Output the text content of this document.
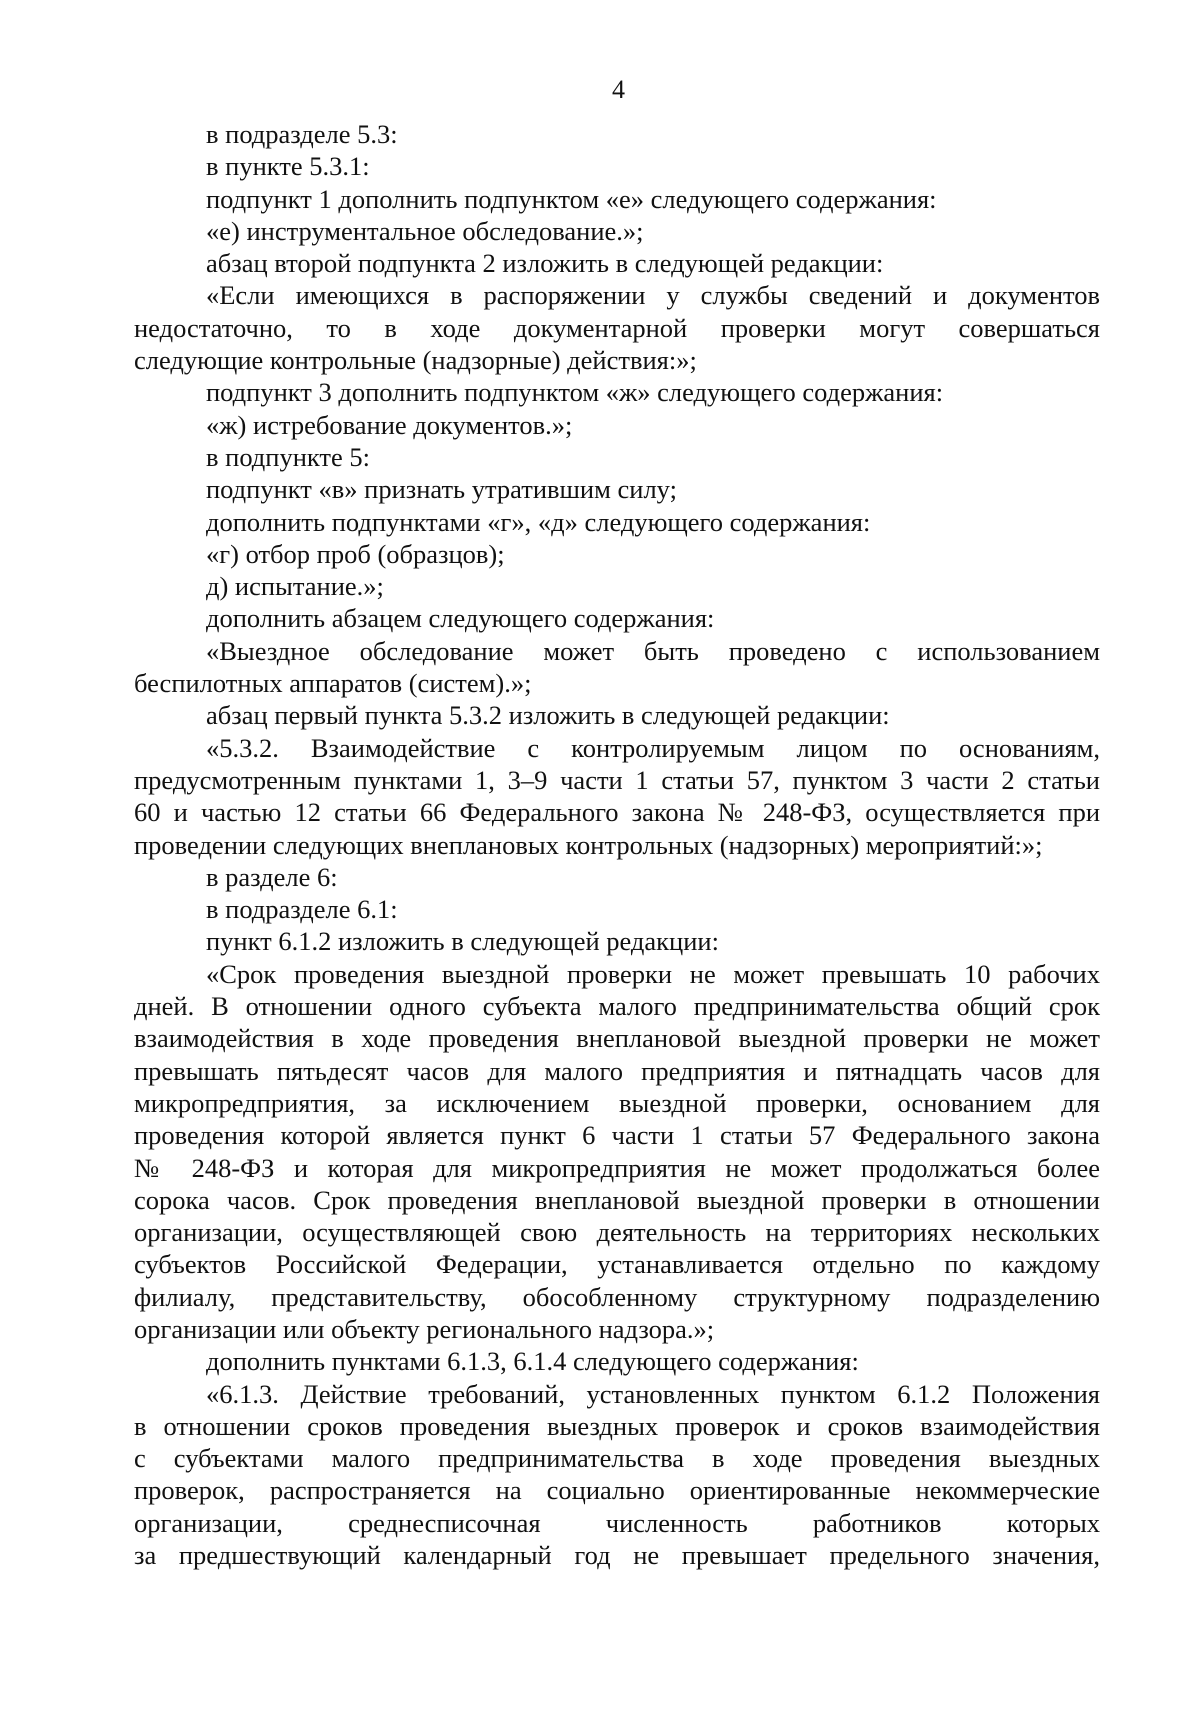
4
в подразделе 5.3:
в пункте 5.3.1:
подпункт 1 дополнить подпунктом «е» следующего содержания:
«е) инструментальное обследование.»;
абзац второй подпункта 2 изложить в следующей редакции:
«Если имеющихся в распоряжении у службы сведений и документов
недостаточно, то в ходе документарной проверки могут совершаться
следующие контрольные (надзорные) действия:»;
подпункт 3 дополнить подпунктом «ж» следующего содержания:
«ж) истребование документов.»;
в подпункте 5:
подпункт «в» признать утратившим силу;
дополнить подпунктами «г», «д» следующего содержания:
«г) отбор проб (образцов);
д) испытание.»;
дополнить абзацем следующего содержания:
«Выездное обследование может быть проведено с использованием
беспилотных аппаратов (систем).»;
абзац первый пункта 5.3.2 изложить в следующей редакции:
«5.3.2. Взаимодействие с контролируемым лицом по основаниям,
предусмотренным пунктами 1, 3–9 части 1 статьи 57, пунктом 3 части 2 статьи
60 и частью 12 статьи 66 Федерального закона № 248-ФЗ, осуществляется при
проведении следующих внеплановых контрольных (надзорных) мероприятий:»;
в разделе 6:
в подразделе 6.1:
пункт 6.1.2 изложить в следующей редакции:
«Срок проведения выездной проверки не может превышать 10 рабочих
дней. В отношении одного субъекта малого предпринимательства общий срок
взаимодействия в ходе проведения внеплановой выездной проверки не может
превышать пятьдесят часов для малого предприятия и пятнадцать часов для
микропредприятия, за исключением выездной проверки, основанием для
проведения которой является пункт 6 части 1 статьи 57 Федерального закона
№ 248-ФЗ и которая для микропредприятия не может продолжаться более
сорока часов. Срок проведения внеплановой выездной проверки в отношении
организации, осуществляющей свою деятельность на территориях нескольких
субъектов Российской Федерации, устанавливается отдельно по каждому
филиалу, представительству, обособленному структурному подразделению
организации или объекту регионального надзора.»;
дополнить пунктами 6.1.3, 6.1.4 следующего содержания:
«6.1.3. Действие требований, установленных пунктом 6.1.2 Положения
в отношении сроков проведения выездных проверок и сроков взаимодействия
с субъектами малого предпринимательства в ходе проведения выездных
проверок, распространяется на социально ориентированные некоммерческие
организации, среднесписочная численность работников которых
за предшествующий календарный год не превышает предельного значения,
